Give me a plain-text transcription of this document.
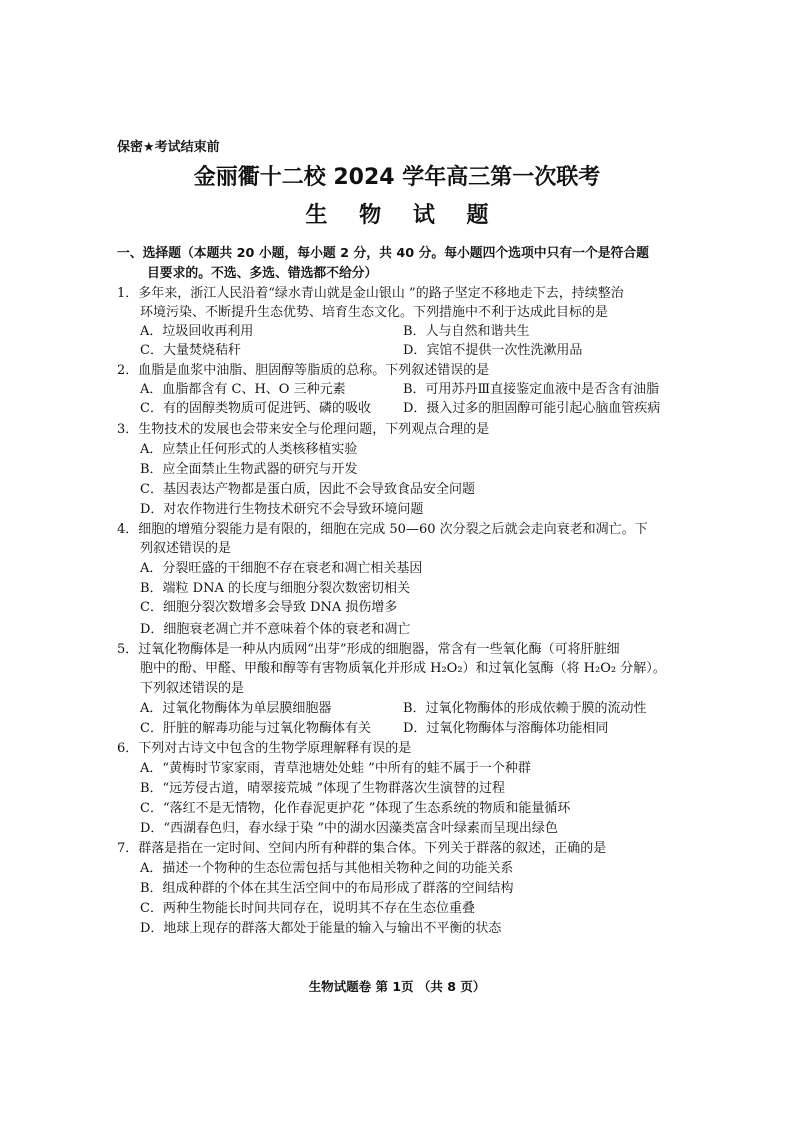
保密★考试结束前
金丽衢十二校 2024 学年高三第一次联考
生 物 试 题
一、选择题（本题共 20 小题，每小题 2 分，共 40 分。每小题四个选项中只有一个是符合题
目要求的。不选、多选、错选都不给分）
1．多年来，浙江人民沿着“绿水青山就是金山银山 ”的路子坚定不移地走下去，持续整治
环境污染、不断提升生态优势、培育生态文化。下列措施中不利于达成此目标的是
A．垃圾回收再利用	B．人与自然和谐共生
C．大量焚烧秸秆	D．宾馆不提供一次性洗漱用品
2．血脂是血浆中油脂、胆固醇等脂质的总称。下列叙述错误的是
A．血脂都含有 C、H、O 三种元素	B．可用苏丹Ⅲ直接鉴定血液中是否含有油脂
C．有的固醇类物质可促进钙、磷的吸收 D．摄入过多的胆固醇可能引起心脑血管疾病
3．生物技术的发展也会带来安全与伦理问题，下列观点合理的是
A．应禁止任何形式的人类核移植实验
B．应全面禁止生物武器的研究与开发
C．基因表达产物都是蛋白质，因此不会导致食品安全问题
D．对农作物进行生物技术研究不会导致环境问题
4．细胞的增殖分裂能力是有限的，细胞在完成 50—60 次分裂之后就会走向衰老和凋亡。下
列叙述错误的是
A．分裂旺盛的干细胞不存在衰老和凋亡相关基因
B．端粒 DNA 的长度与细胞分裂次数密切相关
C．细胞分裂次数增多会导致 DNA 损伤增多
D．细胞衰老凋亡并不意味着个体的衰老和凋亡
5．过氧化物酶体是一种从内质网“出芽”形成的细胞器，常含有一些氧化酶（可将肝脏细
胞中的酚、甲醛、甲酸和醇等有害物质氧化并形成 H₂O₂）和过氧化氢酶（将 H₂O₂ 分解）。
下列叙述错误的是
A．过氧化物酶体为单层膜细胞器	B．过氧化物酶体的形成依赖于膜的流动性
C．肝脏的解毒功能与过氧化物酶体有关 D．过氧化物酶体与溶酶体功能相同
6．下列对古诗文中包含的生物学原理解释有误的是
A．“黄梅时节家家雨，青草池塘处处蛙 ”中所有的蛙不属于一个种群
B．“远芳侵古道，晴翠接荒城 ”体现了生物群落次生演替的过程
C．“落红不是无情物，化作春泥更护花 ”体现了生态系统的物质和能量循环
D．“西湖春色归，春水绿于染 ”中的湖水因藻类富含叶绿素而呈现出绿色
7．群落是指在一定时间、空间内所有种群的集合体。下列关于群落的叙述，正确的是
A．描述一个物种的生态位需包括与其他相关物种之间的功能关系
B．组成种群的个体在其生活空间中的布局形成了群落的空间结构
C．两种生物能长时间共同存在，说明其不存在生态位重叠
D．地球上现存的群落大都处于能量的输入与输出不平衡的状态
生物试题卷 第 1页 （共 8 页）
